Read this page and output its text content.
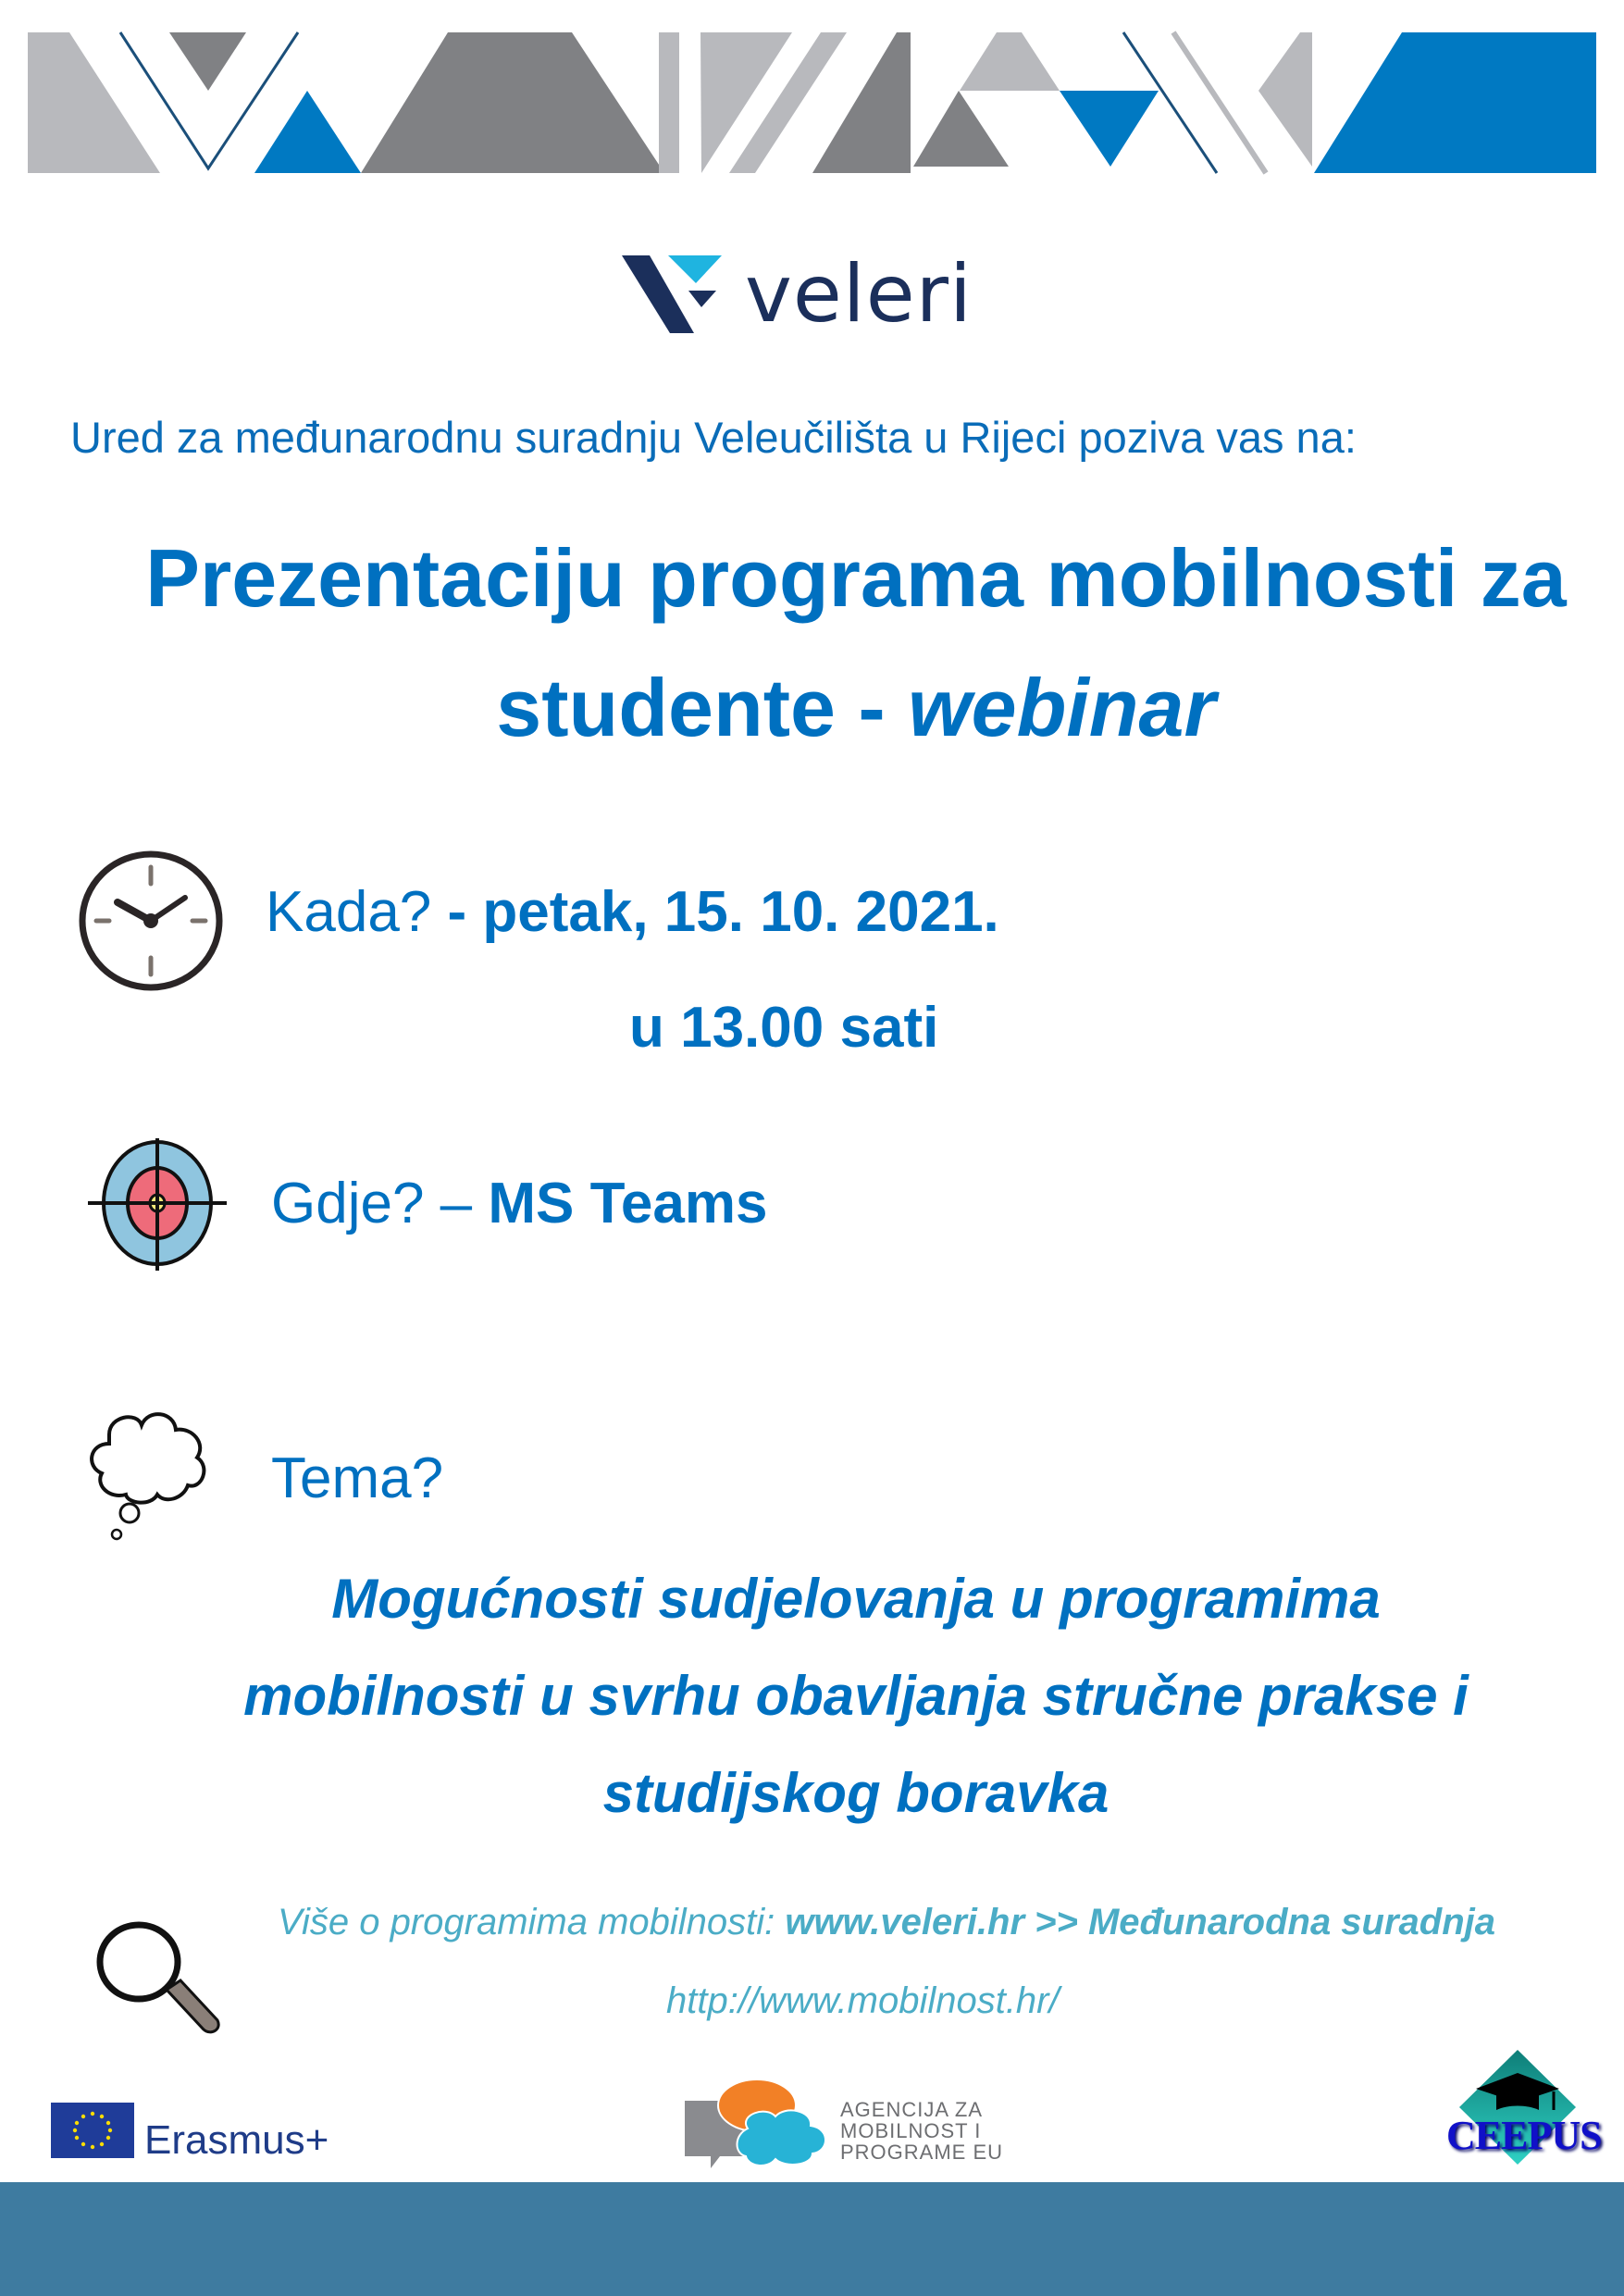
veleri
Ured za međunarodnu suradnju Veleučilišta u Rijeci poziva vas na:
Prezentaciju programa mobilnosti za
studente - webinar
Kada? - petak, 15. 10. 2021.
u 13.00 sati
Gdje? – MS Teams
Tema?
Mogućnosti sudjelovanja u programima
mobilnosti u svrhu obavljanja stručne prakse i
studijskog boravka
Više o programima mobilnosti: www.veleri.hr >> Međunarodna suradnja
http://www.mobilnost.hr/
Erasmus+
AGENCIJA ZA
MOBILNOST I
PROGRAME EU	CEEPUS
